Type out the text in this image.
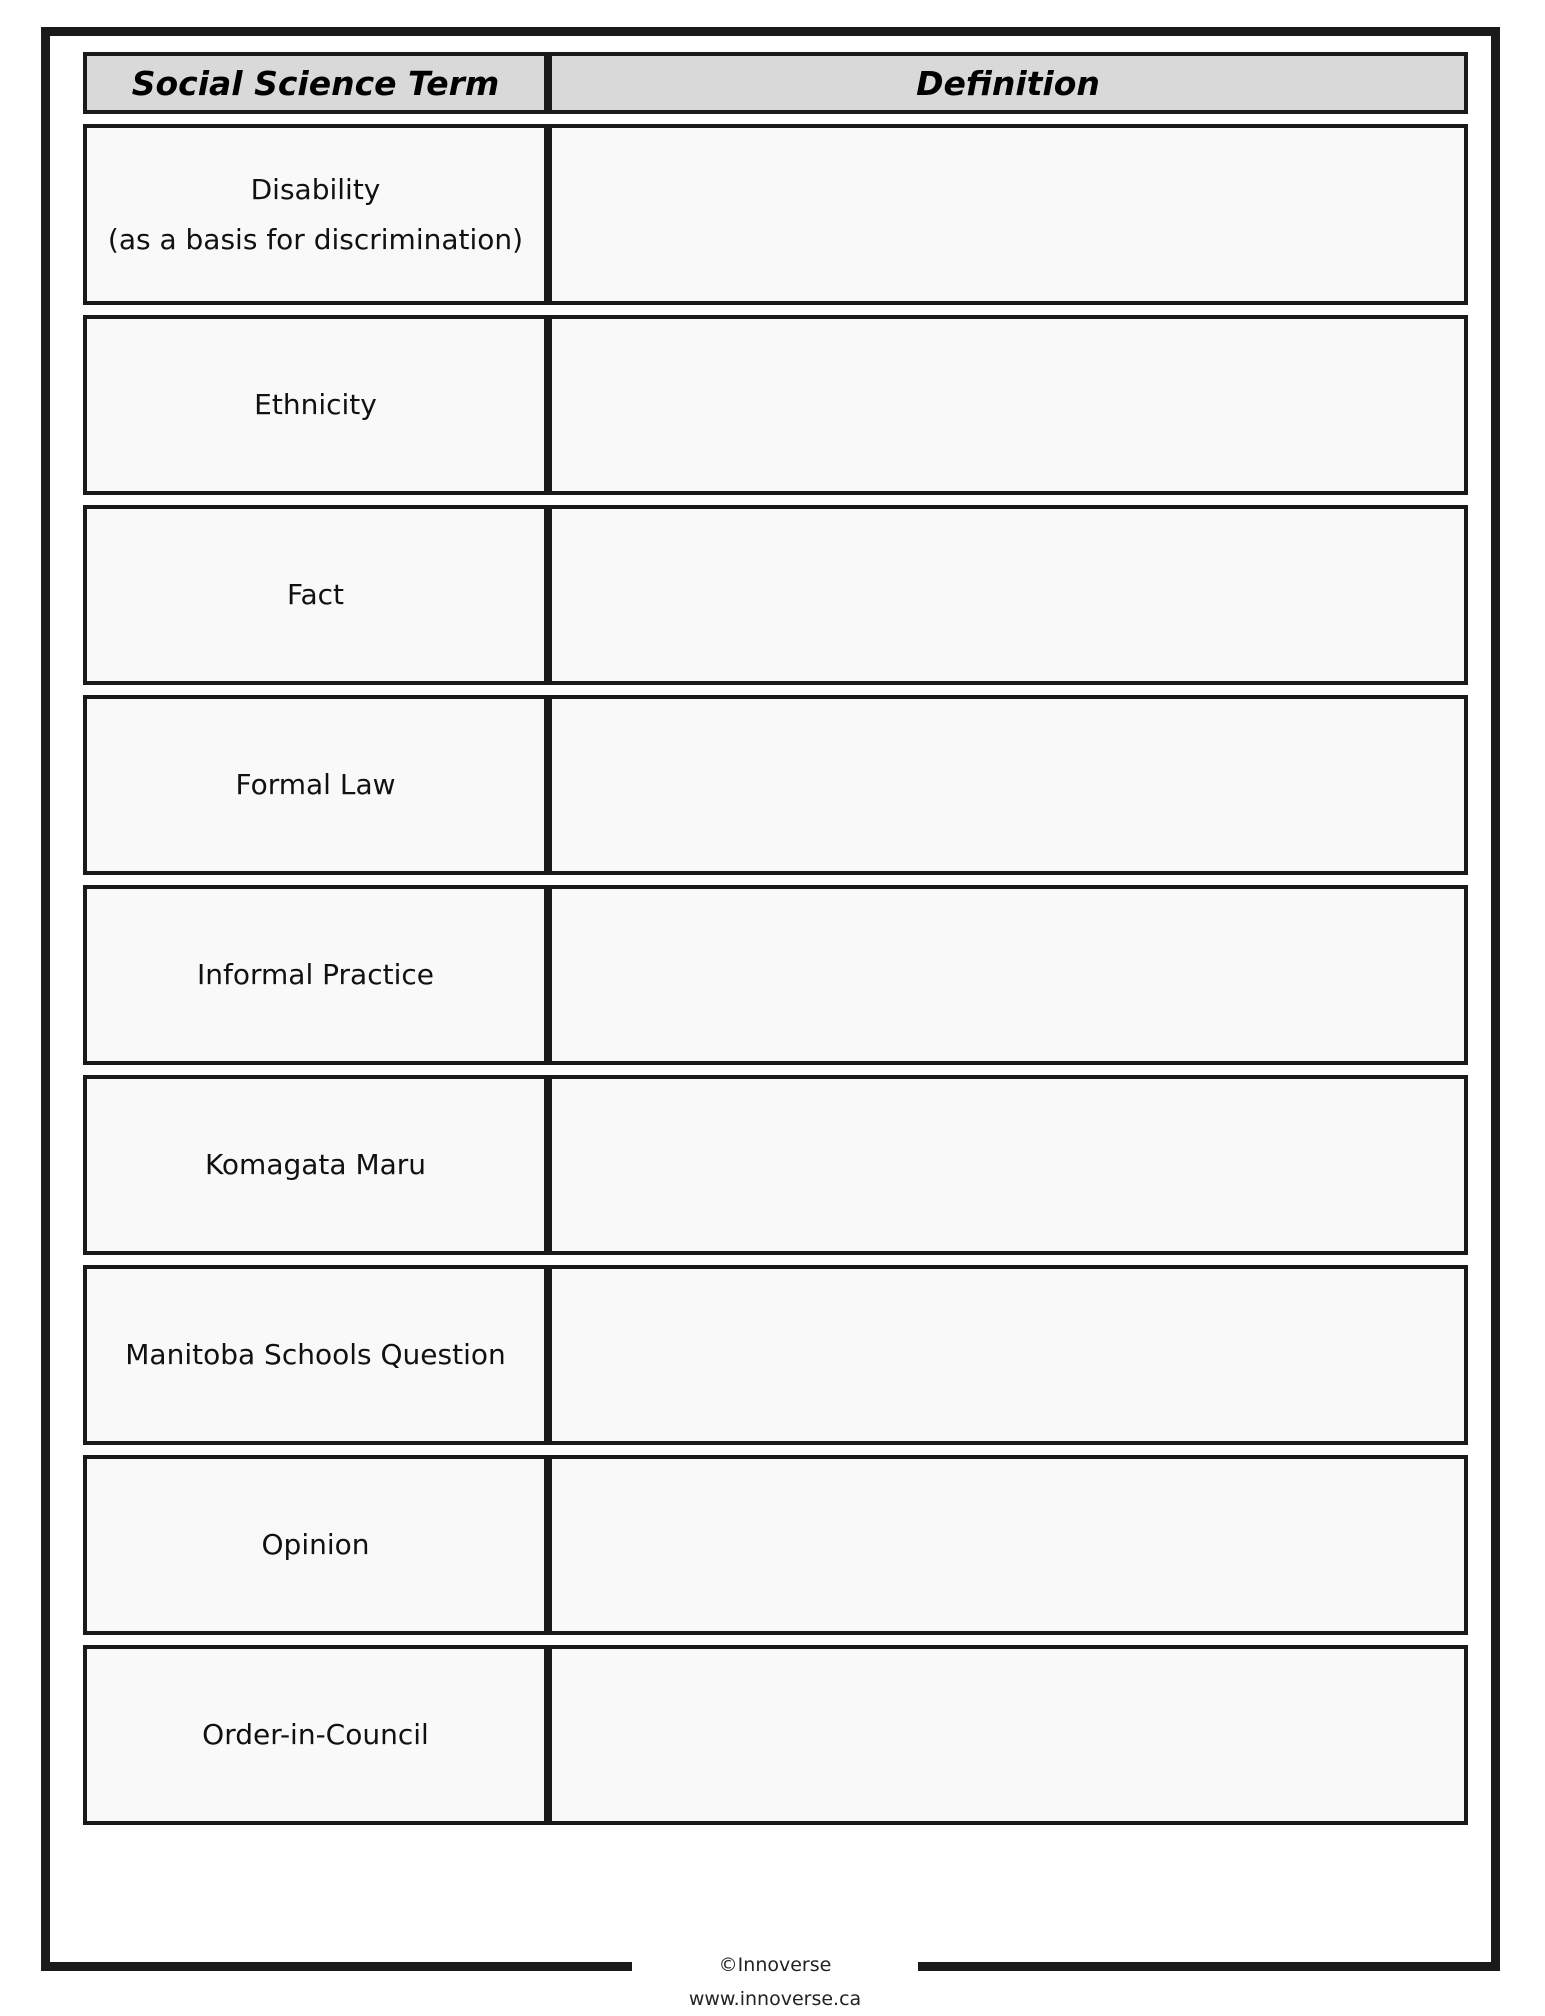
Social Science Term	Definition
Disability
(as a basis for discrimination)
Ethnicity
Fact
Formal Law
Informal Practice
Komagata Maru
Manitoba Schools Question
Opinion
Order-in-Council
©Innoverse www.innoverse.ca
